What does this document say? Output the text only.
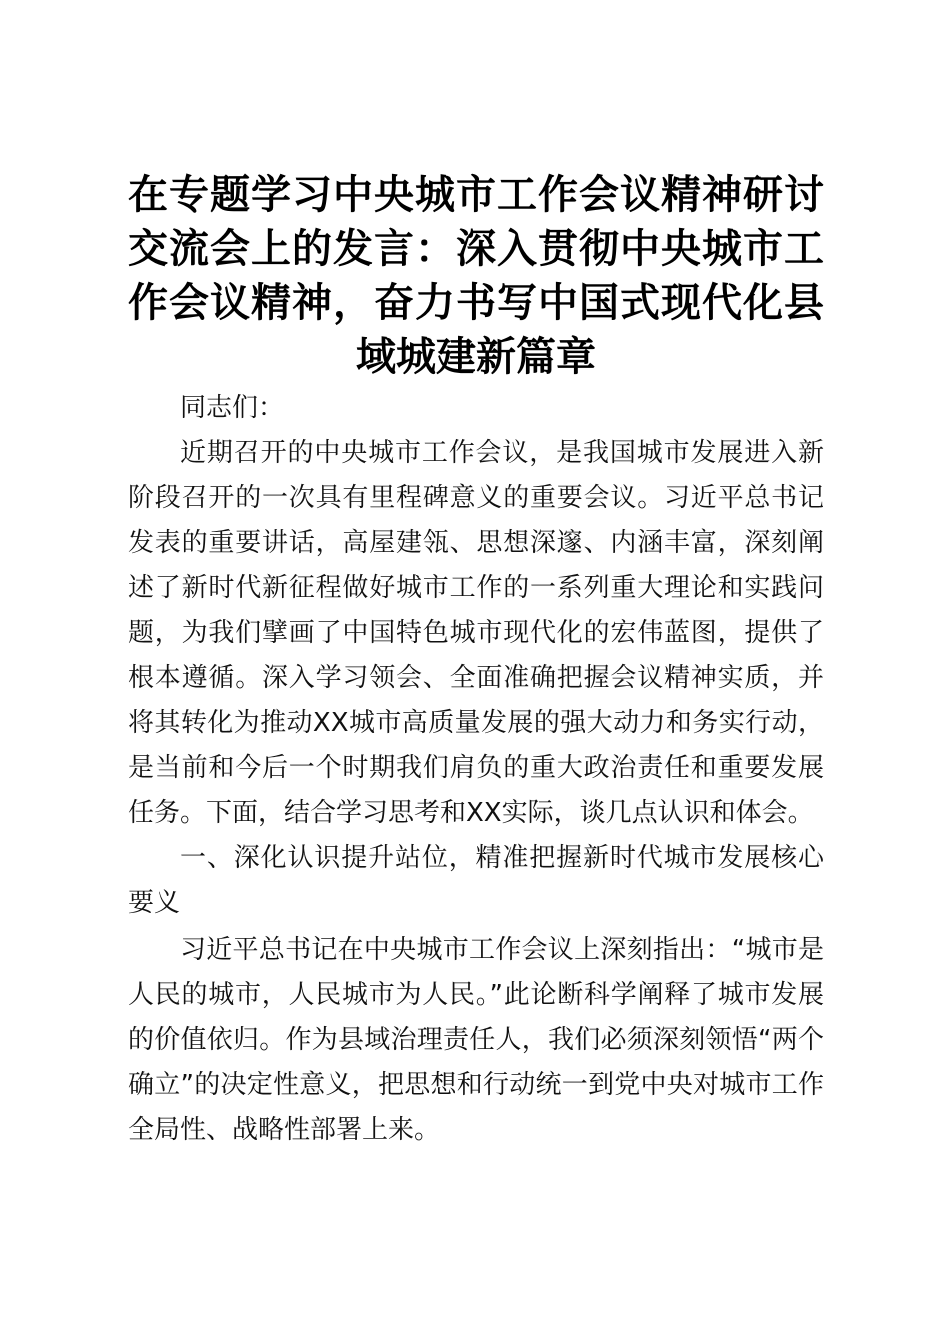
在专题学习中央城市工作会议精神研讨交流会上的发言：深入贯彻中央城市工作会议精神，奋力书写中国式现代化县域城建新篇章

同志们：

近期召开的中央城市工作会议，是我国城市发展进入新阶段召开的一次具有里程碑意义的重要会议。习近平总书记发表的重要讲话，高屋建瓴、思想深邃、内涵丰富，深刻阐述了新时代新征程做好城市工作的一系列重大理论和实践问题，为我们擘画了中国特色城市现代化的宏伟蓝图，提供了根本遵循。深入学习领会、全面准确把握会议精神实质，并将其转化为推动XX城市高质量发展的强大动力和务实行动，是当前和今后一个时期我们肩负的重大政治责任和重要发展任务。下面，结合学习思考和XX实际，谈几点认识和体会。

一、深化认识提升站位，精准把握新时代城市发展核心要义

习近平总书记在中央城市工作会议上深刻指出：“城市是人民的城市，人民城市为人民。”此论断科学阐释了城市发展的价值依归。作为县域治理责任人，我们必须深刻领悟“两个确立”的决定性意义，把思想和行动统一到党中央对城市工作全局性、战略性部署上来。
